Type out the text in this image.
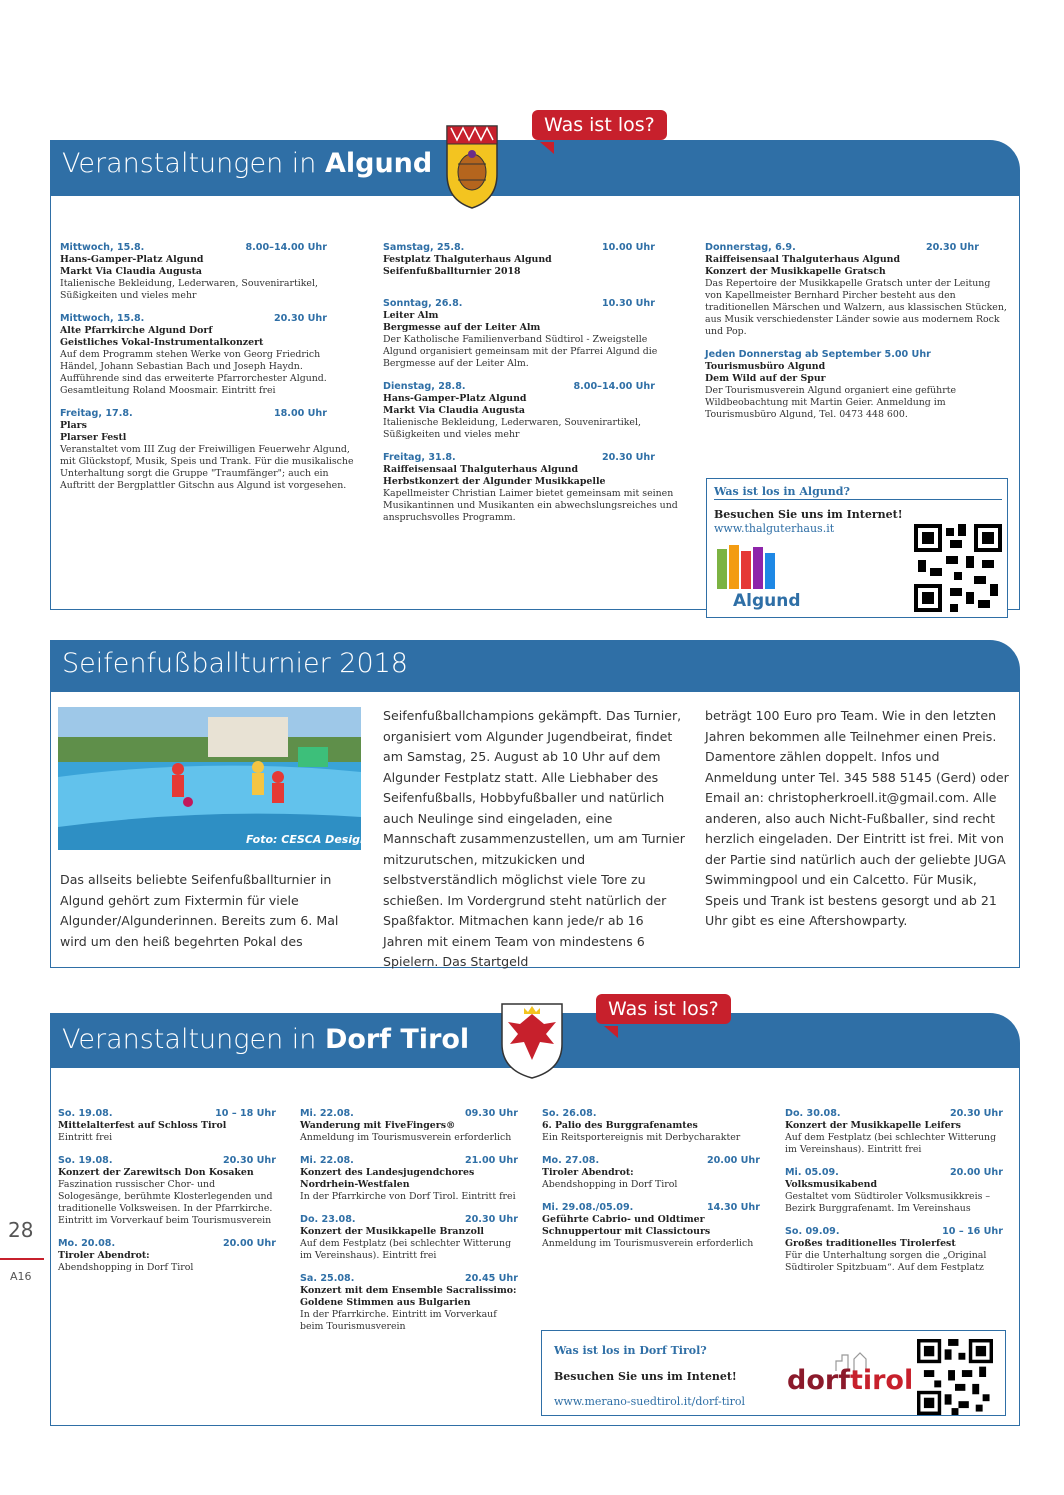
Veranstaltungen in Algund
Was ist los?
Mittwoch, 15.8.	8.00–14.00 Uhr
Hans-Gamper-Platz Algund
Markt Via Claudia Augusta
Italienische Bekleidung, Lederwaren, Souvenirartikel, Süßigkeiten und vieles mehr
Mittwoch, 15.8.	20.30 Uhr
Alte Pfarrkirche Algund Dorf
Geistliches Vokal-Instrumentalkonzert
Auf dem Programm stehen Werke von Georg Friedrich Händel, Johann Sebastian Bach und Joseph Haydn. Aufführende sind das erweiterte Pfarrorchester Algund. Gesamtleitung Roland Moosmair. Eintritt frei
Freitag, 17.8.	18.00 Uhr
Plars
Plarser Festl
Veranstaltet vom III Zug der Freiwilligen Feuerwehr Algund, mit Glückstopf, Musik, Speis und Trank. Für die musikalische Unterhaltung sorgt die Gruppe "Traumfänger"; auch ein Auftritt der Bergplattler Gitschn aus Algund ist vorgesehen.
Samstag, 25.8.	10.00 Uhr
Festplatz Thalguterhaus Algund
Seifenfußballturnier 2018
Sonntag, 26.8.	10.30 Uhr
Leiter Alm
Bergmesse auf der Leiter Alm
Der Katholische Familienverband Südtirol - Zweigstelle Algund organisiert gemeinsam mit der Pfarrei Algund die Bergmesse auf der Leiter Alm.
Dienstag, 28.8.	8.00–14.00 Uhr
Hans-Gamper-Platz Algund
Markt Via Claudia Augusta
Italienische Bekleidung, Lederwaren, Souvenirartikel, Süßigkeiten und vieles mehr
Freitag, 31.8.	20.30 Uhr
Raiffeisensaal Thalguterhaus Algund
Herbstkonzert der Algunder Musikkapelle
Kapellmeister Christian Laimer bietet gemeinsam mit seinen Musikantinnen und Musikanten ein abwechslungsreiches und anspruchsvolles Programm.
Donnerstag, 6.9.	20.30 Uhr
Raiffeisensaal Thalguterhaus Algund
Konzert der Musikkapelle Gratsch
Das Repertoire der Musikkapelle Gratsch unter der Leitung von Kapellmeister Bernhard Pircher besteht aus den traditionellen Märschen und Walzern, aus klassischen Stücken, aus Musik verschiedenster Länder sowie aus modernem Rock und Pop.
Jeden Donnerstag ab September 5.00 Uhr
Tourismusbüro Algund
Dem Wild auf der Spur
Der Tourismusverein Algund organiert eine geführte Wildbeobachtung mit Martin Geier. Anmeldung im Tourismusbüro Algund, Tel. 0473 448 600.
Was ist los in Algund?
Besuchen Sie uns im Internet!
www.thalguterhaus.it
Algund
Seifenfußballturnier 2018
Foto: CESCA Design
Das allseits beliebte Seifenfußballturnier in Algund gehört zum Fixtermin für viele Algunder/Algunderinnen. Bereits zum 6. Mal wird um den heiß begehrten Pokal des
Seifenfußballchampions gekämpft. Das Turnier, organisiert vom Algunder Jugendbeirat, findet am Samstag, 25. August ab 10 Uhr auf dem Algunder Festplatz statt. Alle Liebhaber des Seifenfußballs, Hobbyfußballer und natürlich auch Neulinge sind eingeladen, eine Mannschaft zusammenzustellen, um am Turnier mitzurutschen, mitzukicken und selbstverständlich möglichst viele Tore zu schießen. Im Vordergrund steht natürlich der Spaßfaktor. Mitmachen kann jede/r ab 16 Jahren mit einem Team von mindestens 6 Spielern. Das Startgeld
beträgt 100 Euro pro Team. Wie in den letzten Jahren bekommen alle Teilnehmer einen Preis. Damentore zählen doppelt. Infos und Anmeldung unter Tel. 345 588 5145 (Gerd) oder Email an: christopherkroell.it@gmail.com. Alle anderen, also auch Nicht-Fußballer, sind recht herzlich eingeladen. Der Eintritt ist frei. Mit von der Partie sind natürlich auch der geliebte JUGA Swimmingpool und ein Calcetto. Für Musik, Speis und Trank ist bestens gesorgt und ab 21 Uhr gibt es eine Aftershowparty.
Veranstaltungen in Dorf Tirol
Was ist los?
So. 19.08.	10 – 18 Uhr
Mittelalterfest auf Schloss Tirol
Eintritt frei
So. 19.08.	20.30 Uhr
Konzert der Zarewitsch Don Kosaken
Faszination russischer Chor- und Sologesänge, berühmte Klosterlegenden und traditionelle Volksweisen. In der Pfarrkirche. Eintritt im Vorverkauf beim Tourismusverein
Mo. 20.08.	20.00 Uhr
Tiroler Abendrot:
Abendshopping in Dorf Tirol
Mi. 22.08.	09.30 Uhr
Wanderung mit FiveFingers®
Anmeldung im Tourismusverein erforderlich
Mi. 22.08.	21.00 Uhr
Konzert des Landesjugendchores Nordrhein-Westfalen
In der Pfarrkirche von Dorf Tirol. Eintritt frei
Do. 23.08.	20.30 Uhr
Konzert der Musikkapelle Branzoll
Auf dem Festplatz (bei schlechter Witterung im Vereinshaus). Eintritt frei
Sa. 25.08.	20.45 Uhr
Konzert mit dem Ensemble Sacralissimo: Goldene Stimmen aus Bulgarien
In der Pfarrkirche. Eintritt im Vorverkauf beim Tourismusverein
So. 26.08.
6. Palio des Burggrafenamtes
Ein Reitsportereignis mit Derbycharakter
Mo. 27.08.	20.00 Uhr
Tiroler Abendrot:
Abendshopping in Dorf Tirol
Mi. 29.08./05.09.	14.30 Uhr
Geführte Cabrio- und Oldtimer Schnuppertour mit Classictours
Anmeldung im Tourismusverein erforderlich
Do. 30.08.	20.30 Uhr
Konzert der Musikkapelle Leifers
Auf dem Festplatz (bei schlechter Witterung im Vereinshaus). Eintritt frei
Mi. 05.09.	20.00 Uhr
Volksmusikabend
Gestaltet vom Südtiroler Volksmusikkreis – Bezirk Burggrafenamt. Im Vereinshaus
So. 09.09.	10 – 16 Uhr
Großes traditionelles Tirolerfest
Für die Unterhaltung sorgen die „Original Südtiroler Spitzbuam“. Auf dem Festplatz
Was ist los in Dorf Tirol?
Besuchen Sie uns im Intenet!
www.merano-suedtirol.it/dorf-tirol
dorftirol
28
A16
